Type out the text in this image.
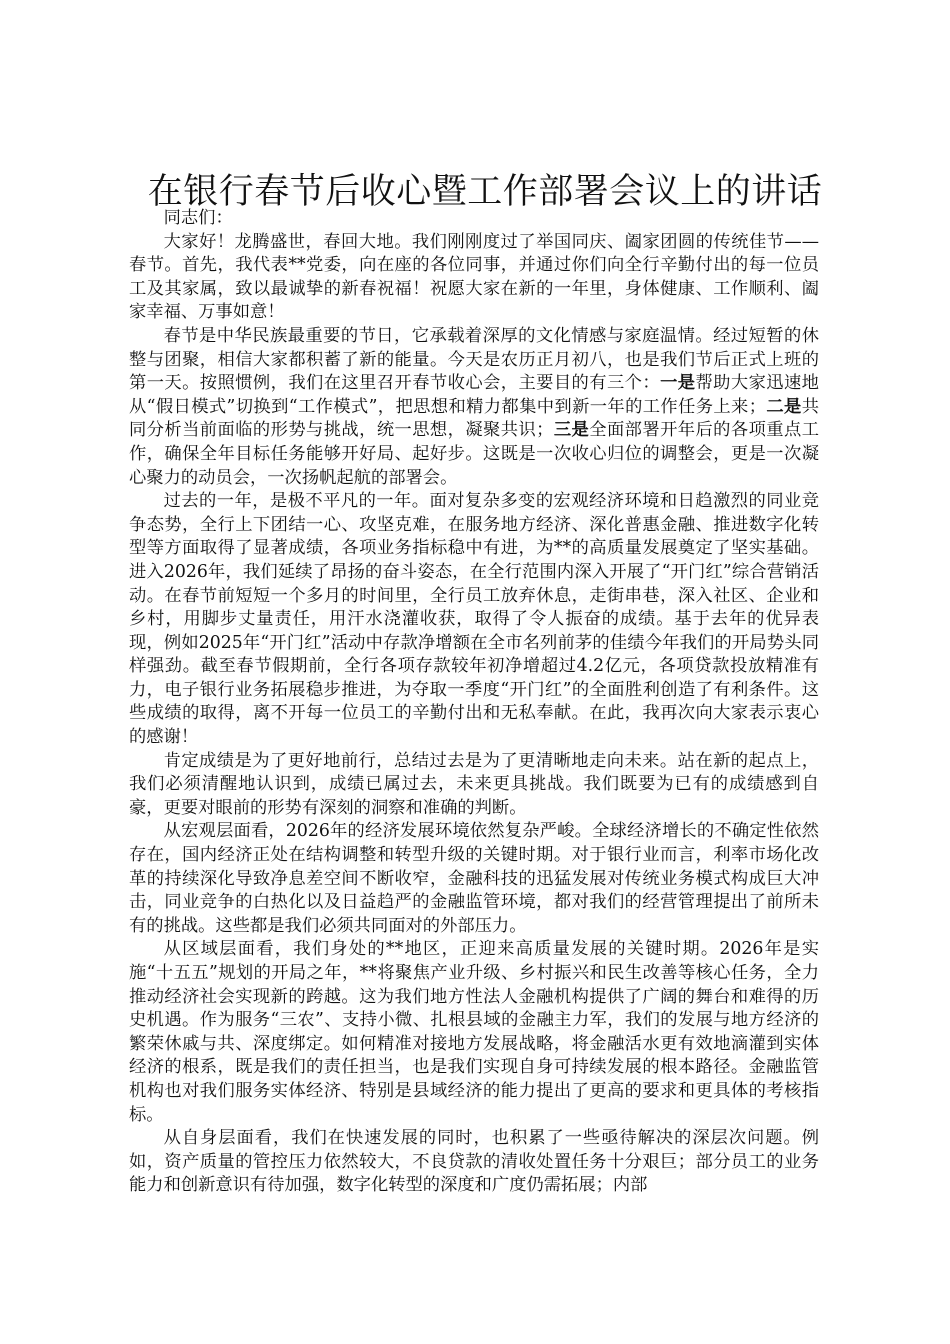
在银行春节后收心暨工作部署会议上的讲话

同志们：

大家好！龙腾盛世，春回大地。我们刚刚度过了举国同庆、阖家团圆的传统佳节——春节。首先，我代表**党委，向在座的各位同事，并通过你们向全行辛勤付出的每一位员工及其家属，致以最诚挚的新春祝福！祝愿大家在新的一年里，身体健康、工作顺利、阖家幸福、万事如意！

春节是中华民族最重要的节日，它承载着深厚的文化情感与家庭温情。经过短暂的休整与团聚，相信大家都积蓄了新的能量。今天是农历正月初八，也是我们节后正式上班的第一天。按照惯例，我们在这里召开春节收心会，主要目的有三个：一是帮助大家迅速地从“假日模式”切换到“工作模式”，把思想和精力都集中到新一年的工作任务上来；二是共同分析当前面临的形势与挑战，统一思想，凝聚共识；三是全面部署开年后的各项重点工作，确保全年目标任务能够开好局、起好步。这既是一次收心归位的调整会，更是一次凝心聚力的动员会，一次扬帆起航的部署会。

过去的一年，是极不平凡的一年。面对复杂多变的宏观经济环境和日趋激烈的同业竞争态势，全行上下团结一心、攻坚克难，在服务地方经济、深化普惠金融、推进数字化转型等方面取得了显著成绩，各项业务指标稳中有进，为**的高质量发展奠定了坚实基础。进入2026年，我们延续了昂扬的奋斗姿态，在全行范围内深入开展了“开门红”综合营销活动。在春节前短短一个多月的时间里，全行员工放弃休息，走街串巷，深入社区、企业和乡村，用脚步丈量责任，用汗水浇灌收获，取得了令人振奋的成绩。基于去年的优异表现，例如2025年“开门红”活动中存款净增额在全市名列前茅的佳绩今年我们的开局势头同样强劲。截至春节假期前，全行各项存款较年初净增超过4.2亿元，各项贷款投放精准有力，电子银行业务拓展稳步推进，为夺取一季度“开门红”的全面胜利创造了有利条件。这些成绩的取得，离不开每一位员工的辛勤付出和无私奉献。在此，我再次向大家表示衷心的感谢！

肯定成绩是为了更好地前行，总结过去是为了更清晰地走向未来。站在新的起点上，我们必须清醒地认识到，成绩已属过去，未来更具挑战。我们既要为已有的成绩感到自豪，更要对眼前的形势有深刻的洞察和准确的判断。

从宏观层面看，2026年的经济发展环境依然复杂严峻。全球经济增长的不确定性依然存在，国内经济正处在结构调整和转型升级的关键时期。对于银行业而言，利率市场化改革的持续深化导致净息差空间不断收窄，金融科技的迅猛发展对传统业务模式构成巨大冲击，同业竞争的白热化以及日益趋严的金融监管环境，都对我们的经营管理提出了前所未有的挑战。这些都是我们必须共同面对的外部压力。

从区域层面看，我们身处的**地区，正迎来高质量发展的关键时期。2026年是实施“十五五”规划的开局之年，**将聚焦产业升级、乡村振兴和民生改善等核心任务，全力推动经济社会实现新的跨越。这为我们地方性法人金融机构提供了广阔的舞台和难得的历史机遇。作为服务“三农”、支持小微、扎根县域的金融主力军，我们的发展与地方经济的繁荣休戚与共、深度绑定。如何精准对接地方发展战略，将金融活水更有效地滴灌到实体经济的根系，既是我们的责任担当，也是我们实现自身可持续发展的根本路径。金融监管机构也对我们服务实体经济、特别是县域经济的能力提出了更高的要求和更具体的考核指标。

从自身层面看，我们在快速发展的同时，也积累了一些亟待解决的深层次问题。例如，资产质量的管控压力依然较大，不良贷款的清收处置任务十分艰巨；部分员工的业务能力和创新意识有待加强，数字化转型的深度和广度仍需拓展；内部
